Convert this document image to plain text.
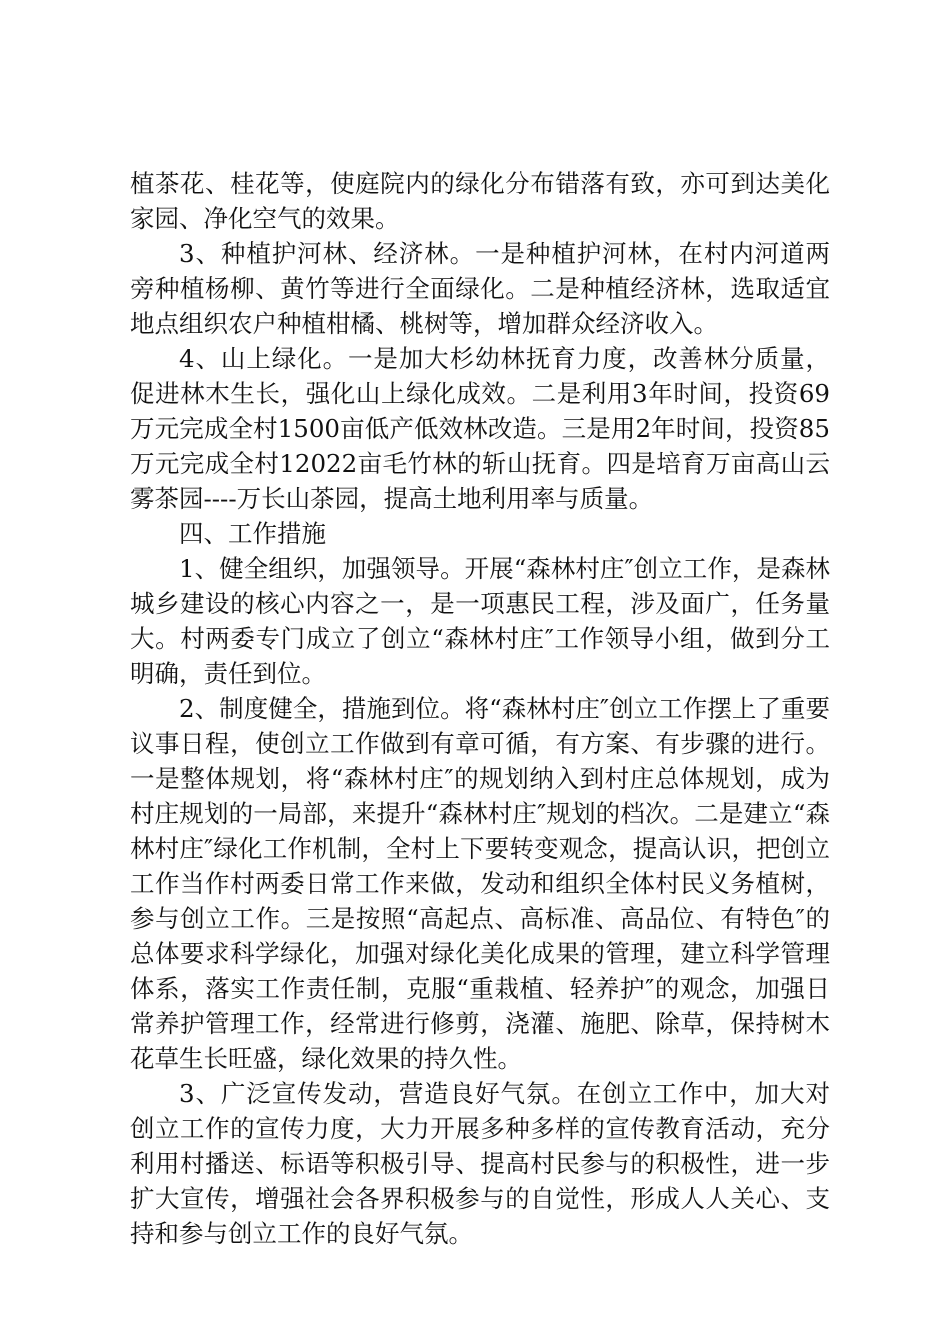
植茶花、桂花等，使庭院内的绿化分布错落有致，亦可到达美化家园、净化空气的效果。

3、种植护河林、经济林。一是种植护河林，在村内河道两旁种植杨柳、黄竹等进行全面绿化。二是种植经济林，选取适宜地点组织农户种植柑橘、桃树等，增加群众经济收入。

4、山上绿化。一是加大杉幼林抚育力度，改善林分质量，促进林木生长，强化山上绿化成效。二是利用3年时间，投资69万元完成全村1500亩低产低效林改造。三是用2年时间，投资85万元完成全村12022亩毛竹林的斩山抚育。四是培育万亩高山云雾茶园----万长山茶园，提高土地利用率与质量。

四、工作措施

1、健全组织，加强领导。开展“森林村庄″创立工作，是森林城乡建设的核心内容之一，是一项惠民工程，涉及面广，任务量大。村两委专门成立了创立“森林村庄″工作领导小组，做到分工明确，责任到位。

2、制度健全，措施到位。将“森林村庄″创立工作摆上了重要议事日程，使创立工作做到有章可循，有方案、有步骤的进行。一是整体规划，将“森林村庄″的规划纳入到村庄总体规划，成为村庄规划的一局部，来提升“森林村庄″规划的档次。二是建立“森林村庄″绿化工作机制，全村上下要转变观念，提高认识，把创立工作当作村两委日常工作来做，发动和组织全体村民义务植树，参与创立工作。三是按照“高起点、高标准、高品位、有特色″的总体要求科学绿化，加强对绿化美化成果的管理，建立科学管理体系，落实工作责任制，克服“重栽植、轻养护″的观念，加强日常养护管理工作，经常进行修剪，浇灌、施肥、除草，保持树木花草生长旺盛，绿化效果的持久性。

3、广泛宣传发动，营造良好气氛。在创立工作中，加大对创立工作的宣传力度，大力开展多种多样的宣传教育活动，充分利用村播送、标语等积极引导、提高村民参与的积极性，进一步扩大宣传，增强社会各界积极参与的自觉性，形成人人关心、支持和参与创立工作的良好气氛。
